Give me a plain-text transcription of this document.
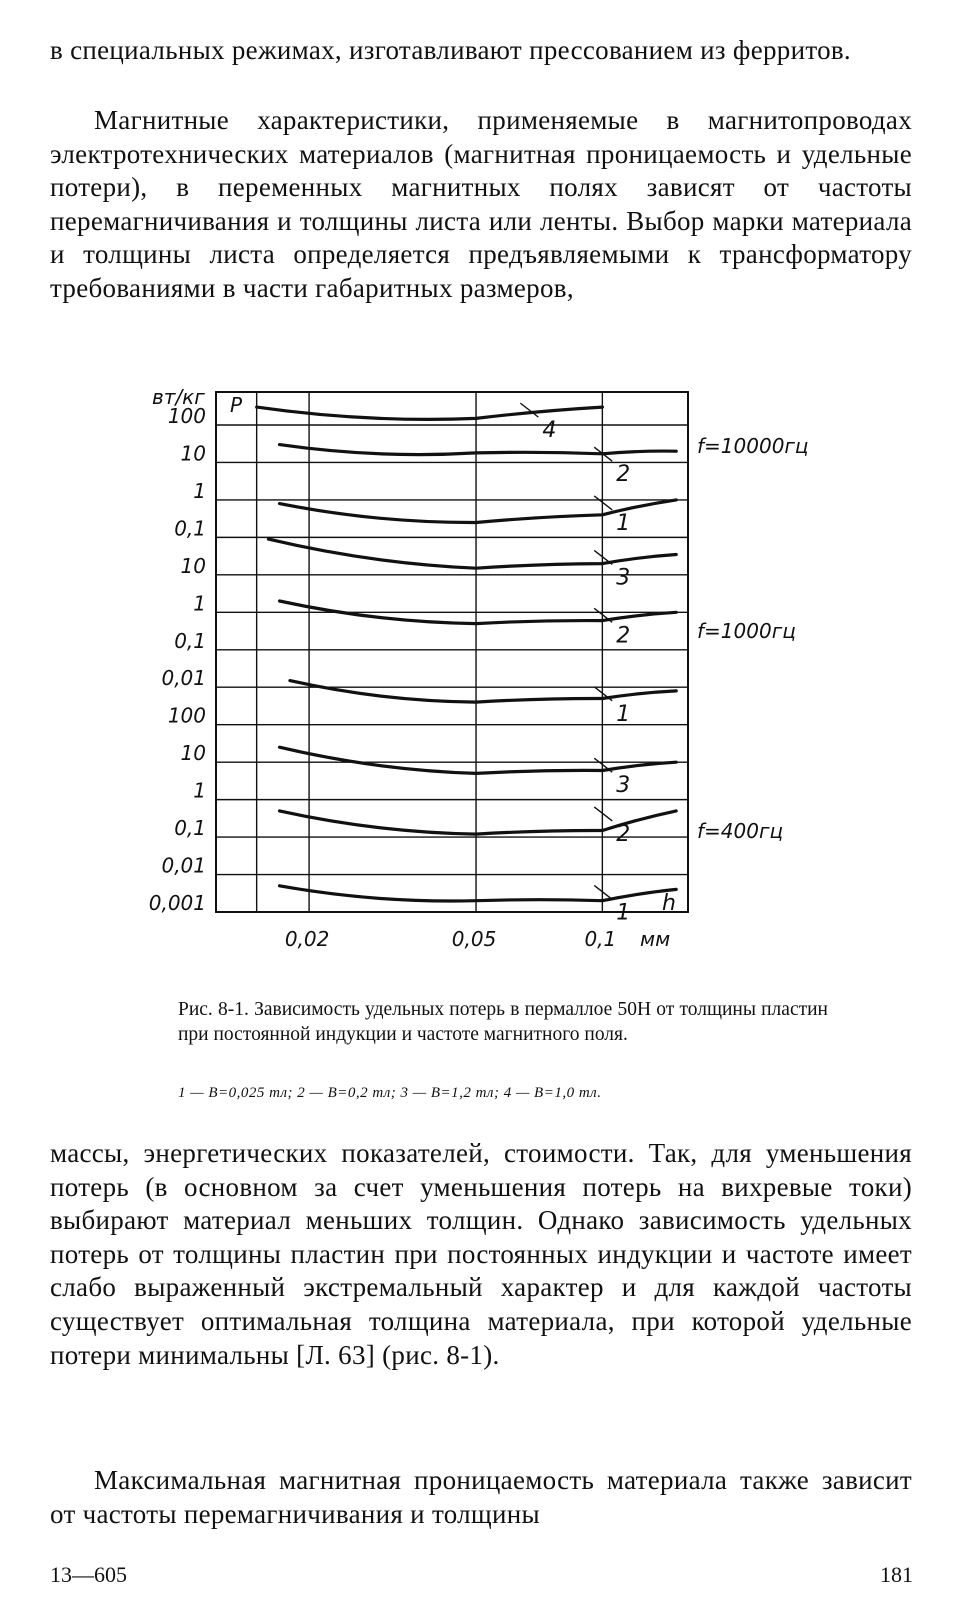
в специальных режимах, изготавливают прессованием из ферритов.

Магнитные характеристики, применяемые в магнитопроводах электротехнических материалов (магнитная проницаемость и удельные потери), в переменных магнитных полях зависят от частоты перемагничивания и толщины листа или ленты. Выбор марки материала и толщины листа определяется предъявляемыми к трансформатору требованиями в части габаритных размеров,

100
10
1
0,1
10
1
0,1
0,01
100
10
1
0,1
0,01
0,001
0,02	0,05	0,1
4
2
1
3
2
1
3
2
1
вт/кг P
мм
h
f=10000гц
f=1000гц
f=400гц

Рис. 8-1. Зависимость удельных потерь в пермаллое 50Н от толщины пластин при постоянной индукции и частоте магнитного поля.

1 — B=0,025 тл; 2 — B=0,2 тл; 3 — B=1,2 тл; 4 — B=1,0 тл.

массы, энергетических показателей, стоимости. Так, для уменьшения потерь (в основном за счет уменьшения потерь на вихревые токи) выбирают материал меньших толщин. Однако зависимость удельных потерь от толщины пластин при постоянных индукции и частоте имеет слабо выраженный экстремальный характер и для каждой частоты существует оптимальная толщина материала, при которой удельные потери минимальны [Л. 63] (рис. 8-1).

Максимальная магнитная проницаемость материала также зависит от частоты перемагничивания и толщины

13—605	181
